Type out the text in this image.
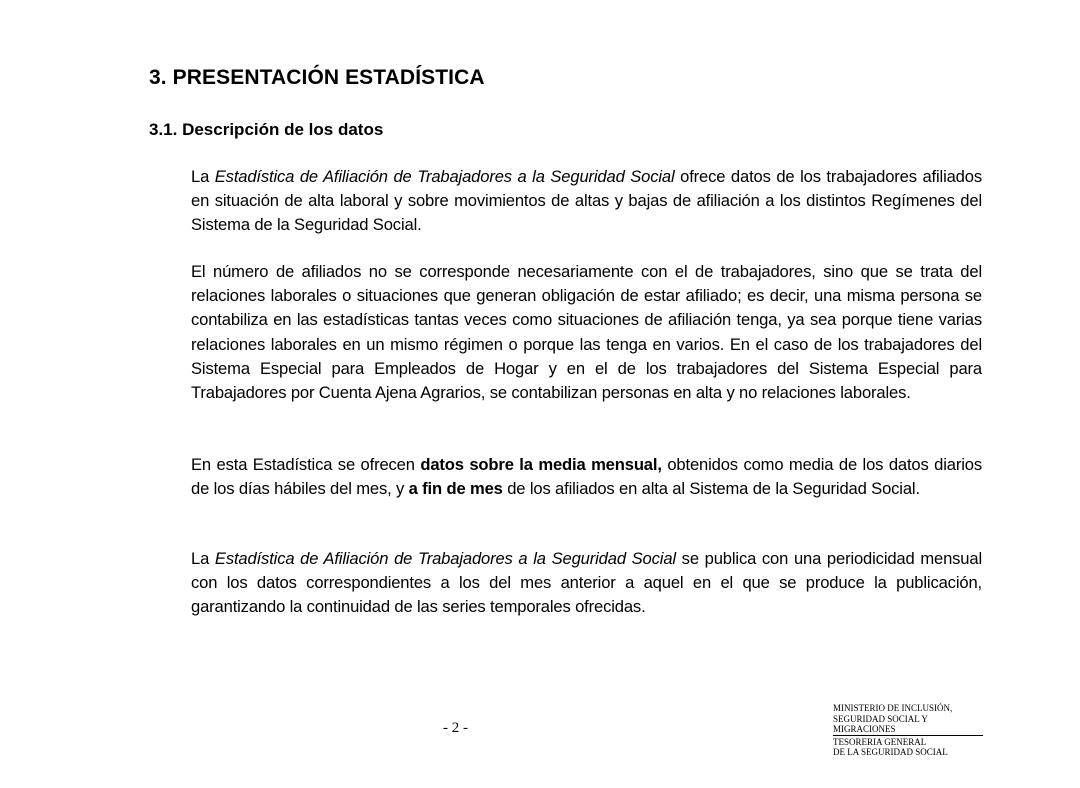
3. PRESENTACIÓN ESTADÍSTICA
3.1. Descripción de los datos

La Estadística de Afiliación de Trabajadores a la Seguridad Social ofrece datos de los trabajadores afiliados en situación de alta laboral y sobre movimientos de altas y bajas de afiliación a los distintos Regímenes del Sistema de la Seguridad Social.

El número de afiliados no se corresponde necesariamente con el de trabajadores, sino que se trata del relaciones laborales o situaciones que generan obligación de estar afiliado; es decir, una misma persona se contabiliza en las estadísticas tantas veces como situaciones de afiliación tenga, ya sea porque tiene varias relaciones laborales en un mismo régimen o porque las tenga en varios. En el caso de los trabajadores del Sistema Especial para Empleados de Hogar y en el de los trabajadores del Sistema Especial para Trabajadores por Cuenta Ajena Agrarios, se contabilizan personas en alta y no relaciones laborales.

En esta Estadística se ofrecen datos sobre la media mensual, obtenidos como media de los datos diarios de los días hábiles del mes, y a fin de mes de los afiliados en alta al Sistema de la Seguridad Social.

La Estadística de Afiliación de Trabajadores a la Seguridad Social se publica con una periodicidad mensual con los datos correspondientes a los del mes anterior a aquel en el que se produce la publicación, garantizando la continuidad de las series temporales ofrecidas.

- 2 -
MINISTERIO DE INCLUSIÓN,
SEGURIDAD SOCIAL Y
MIGRACIONES
TESORERIA GENERAL
DE LA SEGURIDAD SOCIAL
